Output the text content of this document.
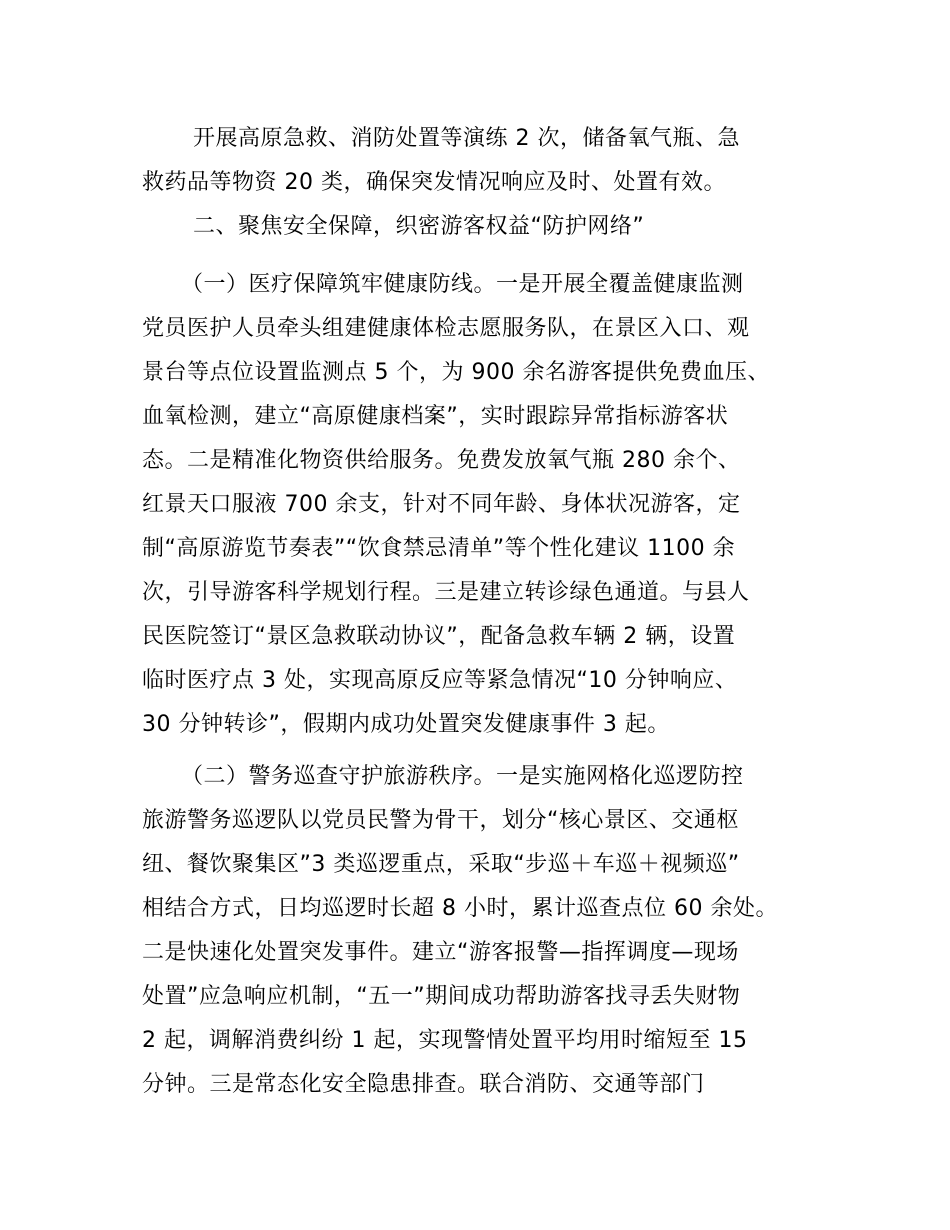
开展高原急救、消防处置等演练 2 次，储备氧气瓶、急
救药品等物资 20 类，确保突发情况响应及时、处置有效。
二、聚焦安全保障，织密游客权益“防护网络”
（一）医疗保障筑牢健康防线。一是开展全覆盖健康监测
党员医护人员牵头组建健康体检志愿服务队，在景区入口、观
景台等点位设置监测点 5 个，为 900 余名游客提供免费血压、
血氧检测，建立“高原健康档案”，实时跟踪异常指标游客状
态。二是精准化物资供给服务。免费发放氧气瓶 280 余个、
红景天口服液 700 余支，针对不同年龄、身体状况游客，定
制“高原游览节奏表”“饮食禁忌清单”等个性化建议 1100 余
次，引导游客科学规划行程。三是建立转诊绿色通道。与县人
民医院签订“景区急救联动协议”，配备急救车辆 2 辆，设置
临时医疗点 3 处，实现高原反应等紧急情况“10 分钟响应、
30 分钟转诊”，假期内成功处置突发健康事件 3 起。
（二）警务巡查守护旅游秩序。一是实施网格化巡逻防控
旅游警务巡逻队以党员民警为骨干，划分“核心景区、交通枢
纽、餐饮聚集区”3 类巡逻重点，采取“步巡＋车巡＋视频巡”
相结合方式，日均巡逻时长超 8 小时，累计巡查点位 60 余处。
二是快速化处置突发事件。建立“游客报警—指挥调度—现场
处置”应急响应机制，“五一”期间成功帮助游客找寻丢失财物
2 起，调解消费纠纷 1 起，实现警情处置平均用时缩短至 15
分钟。三是常态化安全隐患排查。联合消防、交通等部门
